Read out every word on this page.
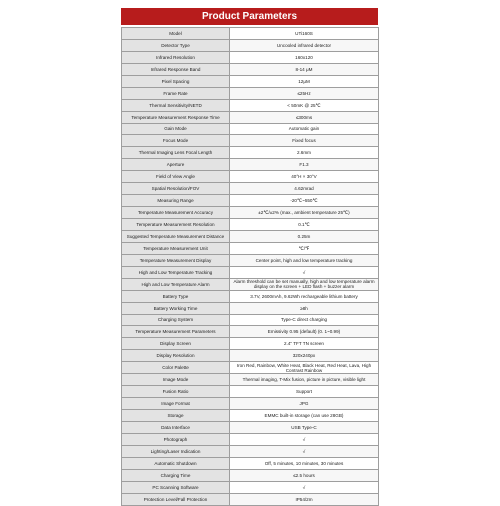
Product Parameters
Model	UTi160S
Detector Type	Uncooled infrared detector
Infrared Resolution	160x120
Infrared Response Band	8-14 μM
Pixel Spacing	12μM
Frame Rate	≤25Hz
Thermal Sensitivity/NETD	< 50mK @ 25℃
Temperature Measurement Response Time	≤300ms
Gain Mode	Automatic gain
Focus Mode	Fixed focus
Thermal Imaging Lens Focal Length	2.6mm
Aperture	F1.3
Field of View Angle	40°H × 30°V
Spatial Resolution/FOV	4.62mrad
Measuring Range	-20℃~550℃
Temperature Measurement Accuracy	±2℃/±2% (max., ambient temperature 25℃)
Temperature Measurement Resolution	0.1℃
Suggested Temperature Measurement Distance	0.25m
Temperature Measurement Unit	℃/℉
Temperature Measurement Display	Center point, high and low temperature tracking
High and Low Temperature Tracking	√
High and Low Temperature Alarm	Alarm threshold can be set manually, high and low temperature alarm display on the screen + LED flash + buzzer alarm
Battery Type	3.7V, 2600mAh, 9.62Wh rechargeable lithium battery
Battery Working Time	≥8h
Charging System	Type-C direct charging
Temperature Measurement Parameters	Emissivity 0.95 (default) (0. 1~0.99)
Display Screen	2.4" TFT TN screen
Display Resolution	320x240px
Color Palette	Iron Red, Rainbow, White Heat, Black Heat, Red Heat, Lava, High Contrast Rainbow
Image Mode	Thermal imaging, T-Mix fusion, picture in picture, visible light
Fusion Ratio	Support
Image Format	JPG
Storage	EMMC built-in storage (can use 28GB)
Data Interface	USB Type-C
Photograph	√
Lighting/Laser Indication	√
Automatic Shutdown	Off, 5 minutes, 10 minutes, 30 minutes
Charging Time	≤2.5 hours
PC Scanning Software	√
Protection Level/Fall Protection	IP54/2m
